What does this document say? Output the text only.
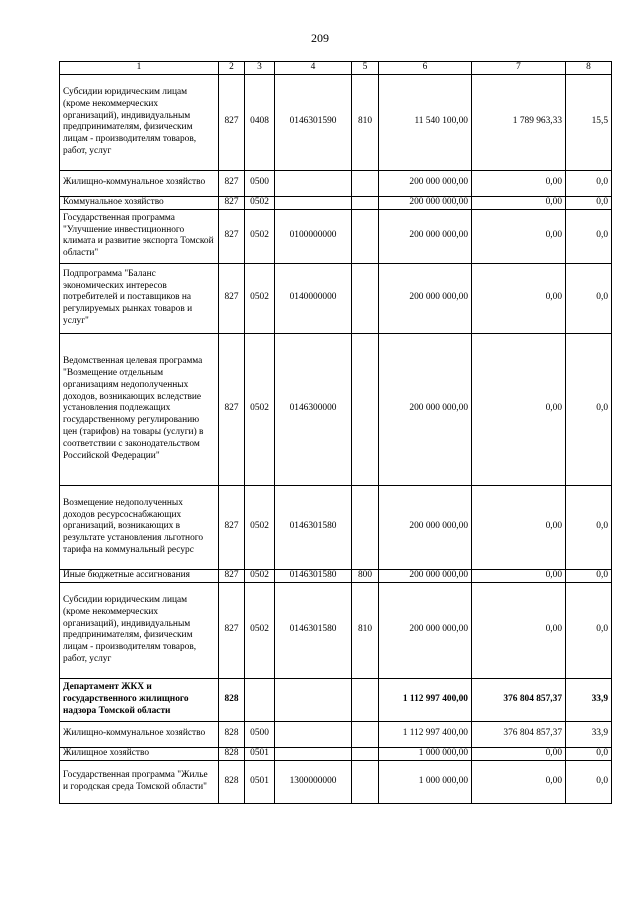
209
1	2	3	4	5	6	7	8
Субсидии юридическим лицам (кроме некоммерческих организаций), индивидуальным предпринимателям, физическим лицам - производителям товаров, работ, услуг	827	0408	0146301590	810	11 540 100,00	1 789 963,33	15,5
Жилищно-коммунальное хозяйство	827	0500			200 000 000,00	0,00	0,0
Коммунальное хозяйство	827	0502			200 000 000,00	0,00	0,0
Государственная программа "Улучшение инвестиционного климата и развитие экспорта Томской области"	827	0502	0100000000		200 000 000,00	0,00	0,0
Подпрограмма "Баланс экономических интересов потребителей и поставщиков на регулируемых рынках товаров и услуг"	827	0502	0140000000		200 000 000,00	0,00	0,0
Ведомственная целевая программа "Возмещение отдельным организациям недополученных доходов, возникающих вследствие установления подлежащих государственному регулированию цен (тарифов) на товары (услуги) в соответствии с законодательством Российской Федерации"	827	0502	0146300000		200 000 000,00	0,00	0,0
Возмещение недополученных доходов ресурсоснабжающих организаций, возникающих в результате установления льготного тарифа на коммунальный ресурс	827	0502	0146301580		200 000 000,00	0,00	0,0
Иные бюджетные ассигнования	827	0502	0146301580	800	200 000 000,00	0,00	0,0
Субсидии юридическим лицам (кроме некоммерческих организаций), индивидуальным предпринимателям, физическим лицам - производителям товаров, работ, услуг	827	0502	0146301580	810	200 000 000,00	0,00	0,0
Департамент ЖКХ и государственного жилищного надзора Томской области	828				1 112 997 400,00	376 804 857,37	33,9
Жилищно-коммунальное хозяйство	828	0500			1 112 997 400,00	376 804 857,37	33,9
Жилищное хозяйство	828	0501			1 000 000,00	0,00	0,0
Государственная программа "Жилье и городская среда Томской области"	828	0501	1300000000		1 000 000,00	0,00	0,0
